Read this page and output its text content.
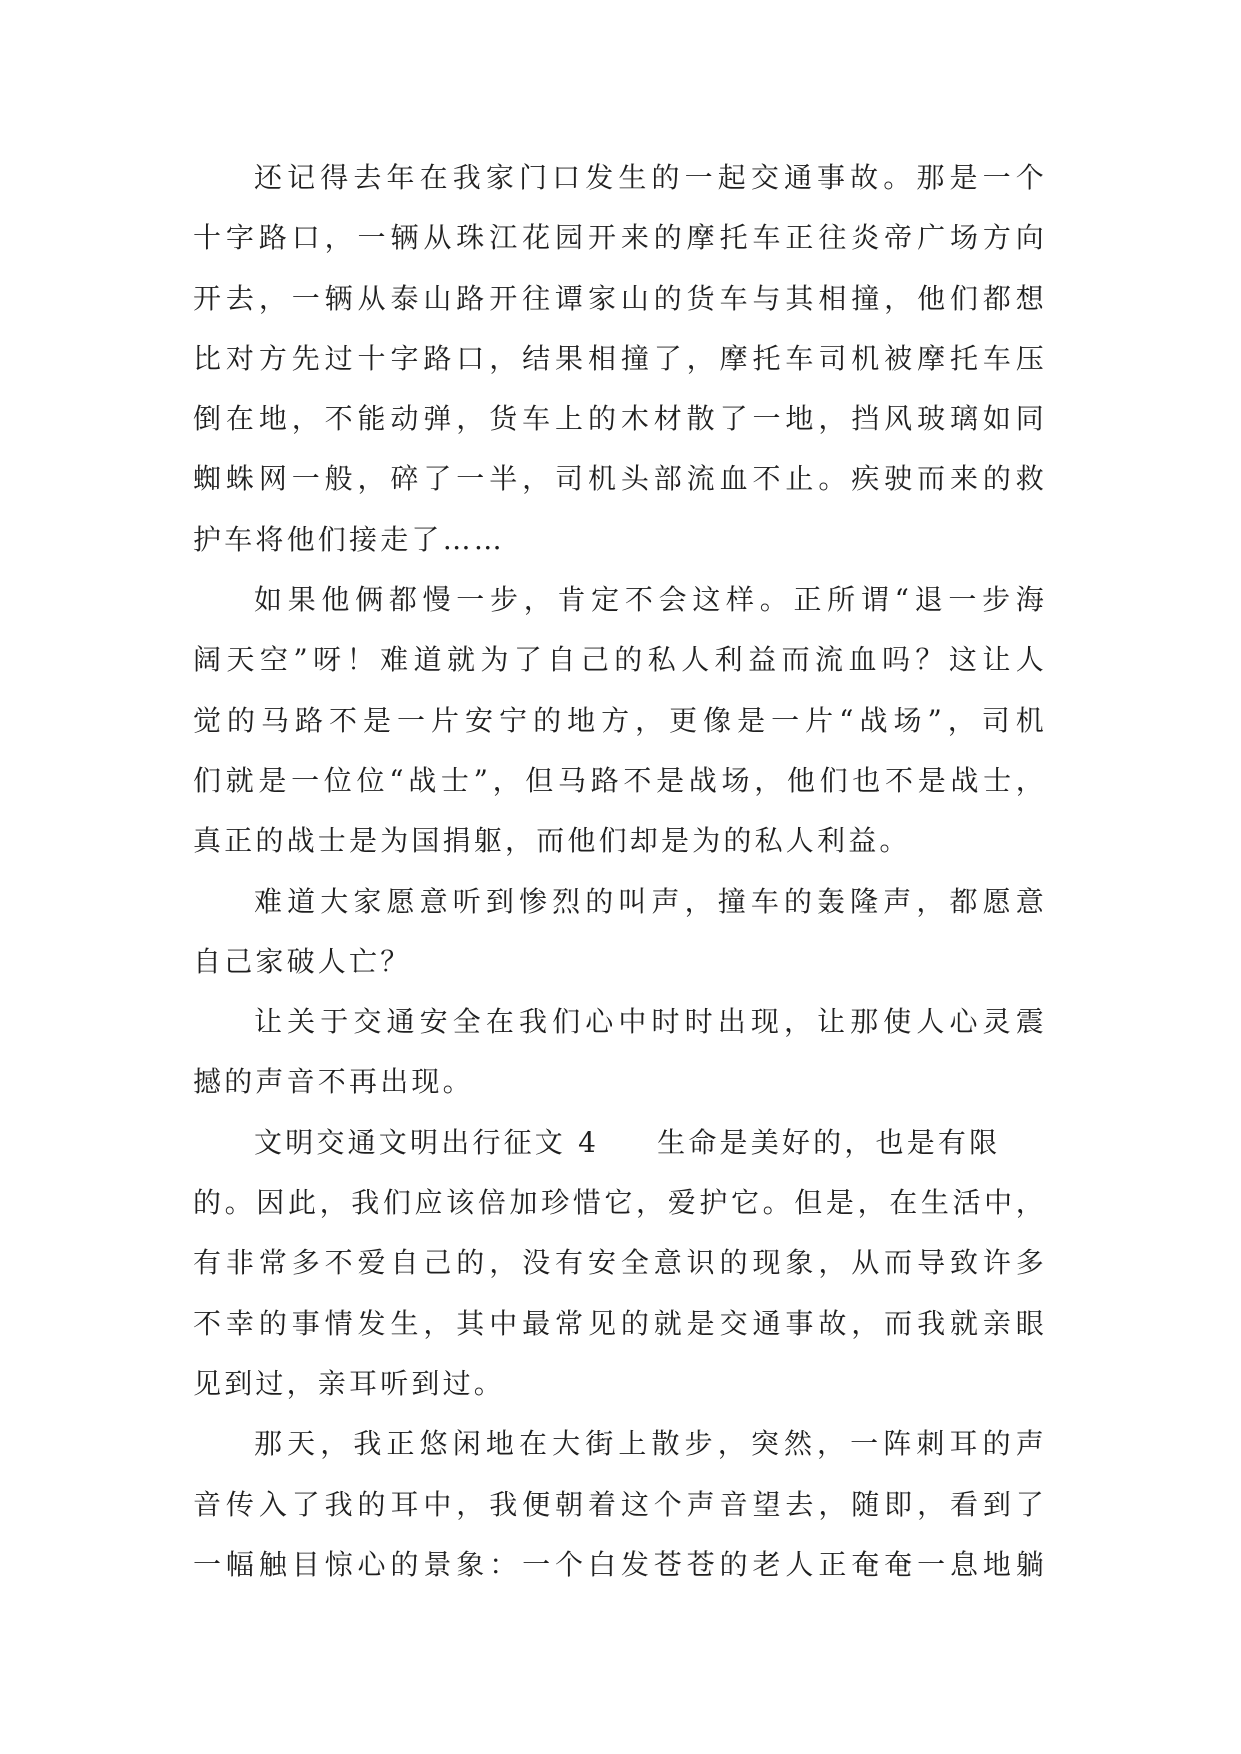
还记得去年在我家门口发生的一起交通事故。那是一个
十字路口，一辆从珠江花园开来的摩托车正往炎帝广场方向
开去，一辆从泰山路开往谭家山的货车与其相撞，他们都想
比对方先过十字路口，结果相撞了，摩托车司机被摩托车压
倒在地，不能动弹，货车上的木材散了一地，挡风玻璃如同
蜘蛛网一般，碎了一半，司机头部流血不止。疾驶而来的救
护车将他们接走了……
如果他俩都慢一步，肯定不会这样。正所谓“退一步海
阔天空”呀！难道就为了自己的私人利益而流血吗？这让人
觉的马路不是一片安宁的地方，更像是一片“战场”，司机
们就是一位位“战士”，但马路不是战场，他们也不是战士，
真正的战士是为国捐躯，而他们却是为的私人利益。
难道大家愿意听到惨烈的叫声，撞车的轰隆声，都愿意
自己家破人亡？
让关于交通安全在我们心中时时出现，让那使人心灵震
撼的声音不再出现。
文明交通文明出行征文 4 生命是美好的，也是有限
的。因此，我们应该倍加珍惜它，爱护它。但是，在生活中，
有非常多不爱自己的，没有安全意识的现象，从而导致许多
不幸的事情发生，其中最常见的就是交通事故，而我就亲眼
见到过，亲耳听到过。
那天，我正悠闲地在大街上散步，突然，一阵刺耳的声
音传入了我的耳中，我便朝着这个声音望去，随即，看到了
一幅触目惊心的景象：一个白发苍苍的老人正奄奄一息地躺
